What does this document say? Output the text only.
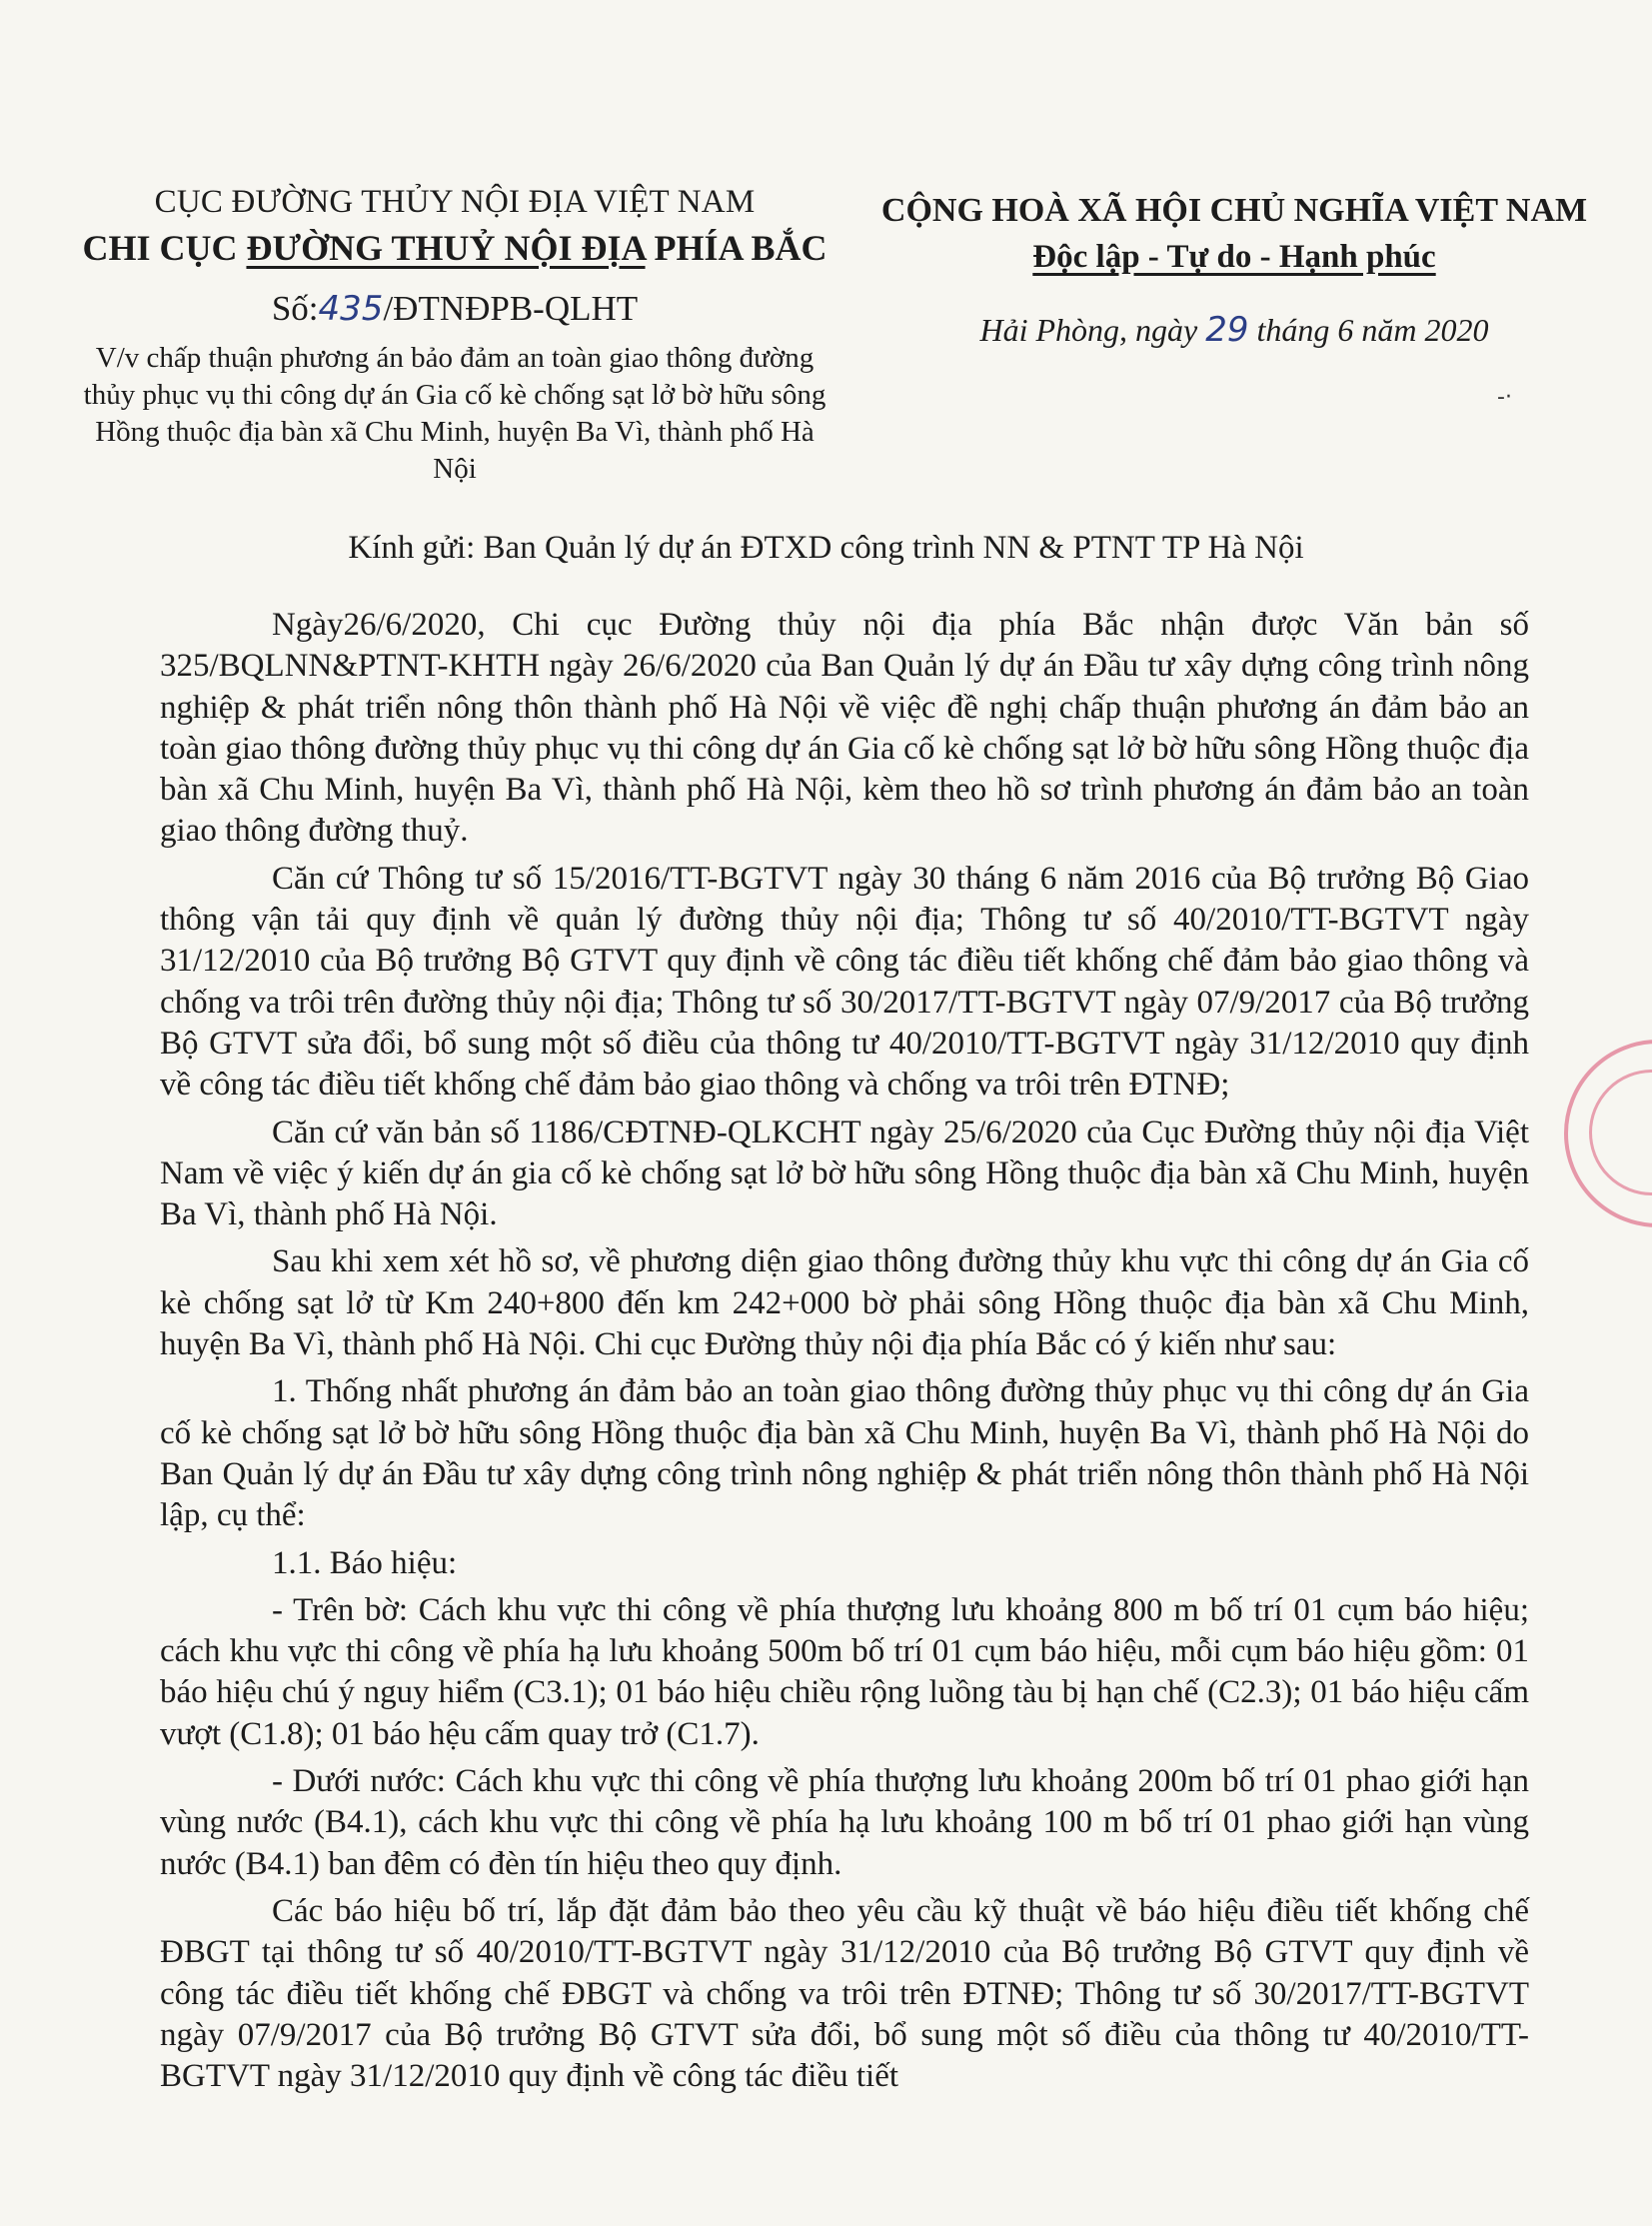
CỤC ĐƯỜNG THỦY NỘI ĐỊA VIỆT NAM
CHI CỤC ĐƯỜNG THUỶ NỘI ĐỊA PHÍA BẮC
Số:435/ĐTNĐPB-QLHT
V/v chấp thuận phương án bảo đảm an toàn giao thông đường thủy phục vụ thi công dự án Gia cố kè chống sạt lở bờ hữu sông Hồng thuộc địa bàn xã Chu Minh, huyện Ba Vì, thành phố Hà Nội
CỘNG HOÀ XÃ HỘI CHỦ NGHĨA VIỆT NAM
Độc lập - Tự do - Hạnh phúc
Hải Phòng, ngày 29 tháng 6 năm 2020
-·
Kính gửi: Ban Quản lý dự án ĐTXD công trình NN & PTNT TP Hà Nội

Ngày26/6/2020, Chi cục Đường thủy nội địa phía Bắc nhận được Văn bản số 325/BQLNN&PTNT-KHTH ngày 26/6/2020 của Ban Quản lý dự án Đầu tư xây dựng công trình nông nghiệp & phát triển nông thôn thành phố Hà Nội về việc đề nghị chấp thuận phương án đảm bảo an toàn giao thông đường thủy phục vụ thi công dự án Gia cố kè chống sạt lở bờ hữu sông Hồng thuộc địa bàn xã Chu Minh, huyện Ba Vì, thành phố Hà Nội, kèm theo hồ sơ trình phương án đảm bảo an toàn giao thông đường thuỷ.

Căn cứ Thông tư số 15/2016/TT-BGTVT ngày 30 tháng 6 năm 2016 của Bộ trưởng Bộ Giao thông vận tải quy định về quản lý đường thủy nội địa; Thông tư số 40/2010/TT-BGTVT ngày 31/12/2010 của Bộ trưởng Bộ GTVT quy định về công tác điều tiết khống chế đảm bảo giao thông và chống va trôi trên đường thủy nội địa; Thông tư số 30/2017/TT-BGTVT ngày 07/9/2017 của Bộ trưởng Bộ GTVT sửa đổi, bổ sung một số điều của thông tư 40/2010/TT-BGTVT ngày 31/12/2010 quy định về công tác điều tiết khống chế đảm bảo giao thông và chống va trôi trên ĐTNĐ;

Căn cứ văn bản số 1186/CĐTNĐ-QLKCHT ngày 25/6/2020 của Cục Đường thủy nội địa Việt Nam về việc ý kiến dự án gia cố kè chống sạt lở bờ hữu sông Hồng thuộc địa bàn xã Chu Minh, huyện Ba Vì, thành phố Hà Nội.

Sau khi xem xét hồ sơ, về phương diện giao thông đường thủy khu vực thi công dự án Gia cố kè chống sạt lở từ Km 240+800 đến km 242+000 bờ phải sông Hồng thuộc địa bàn xã Chu Minh, huyện Ba Vì, thành phố Hà Nội. Chi cục Đường thủy nội địa phía Bắc có ý kiến như sau:

1. Thống nhất phương án đảm bảo an toàn giao thông đường thủy phục vụ thi công dự án Gia cố kè chống sạt lở bờ hữu sông Hồng thuộc địa bàn xã Chu Minh, huyện Ba Vì, thành phố Hà Nội do Ban Quản lý dự án Đầu tư xây dựng công trình nông nghiệp & phát triển nông thôn thành phố Hà Nội lập, cụ thể:

1.1. Báo hiệu:

- Trên bờ: Cách khu vực thi công về phía thượng lưu khoảng 800 m bố trí 01 cụm báo hiệu; cách khu vực thi công về phía hạ lưu khoảng 500m bố trí 01 cụm báo hiệu, mỗi cụm báo hiệu gồm: 01 báo hiệu chú ý nguy hiểm (C3.1); 01 báo hiệu chiều rộng luồng tàu bị hạn chế (C2.3); 01 báo hiệu cấm vượt (C1.8); 01 báo hệu cấm quay trở (C1.7).

- Dưới nước: Cách khu vực thi công về phía thượng lưu khoảng 200m bố trí 01 phao giới hạn vùng nước (B4.1), cách khu vực thi công về phía hạ lưu khoảng 100 m bố trí 01 phao giới hạn vùng nước (B4.1) ban đêm có đèn tín hiệu theo quy định.

Các báo hiệu bố trí, lắp đặt đảm bảo theo yêu cầu kỹ thuật về báo hiệu điều tiết khống chế ĐBGT tại thông tư số 40/2010/TT-BGTVT ngày 31/12/2010 của Bộ trưởng Bộ GTVT quy định về công tác điều tiết khống chế ĐBGT và chống va trôi trên ĐTNĐ; Thông tư số 30/2017/TT-BGTVT ngày 07/9/2017 của Bộ trưởng Bộ GTVT sửa đổi, bổ sung một số điều của thông tư 40/2010/TT-BGTVT ngày 31/12/2010 quy định về công tác điều tiết
